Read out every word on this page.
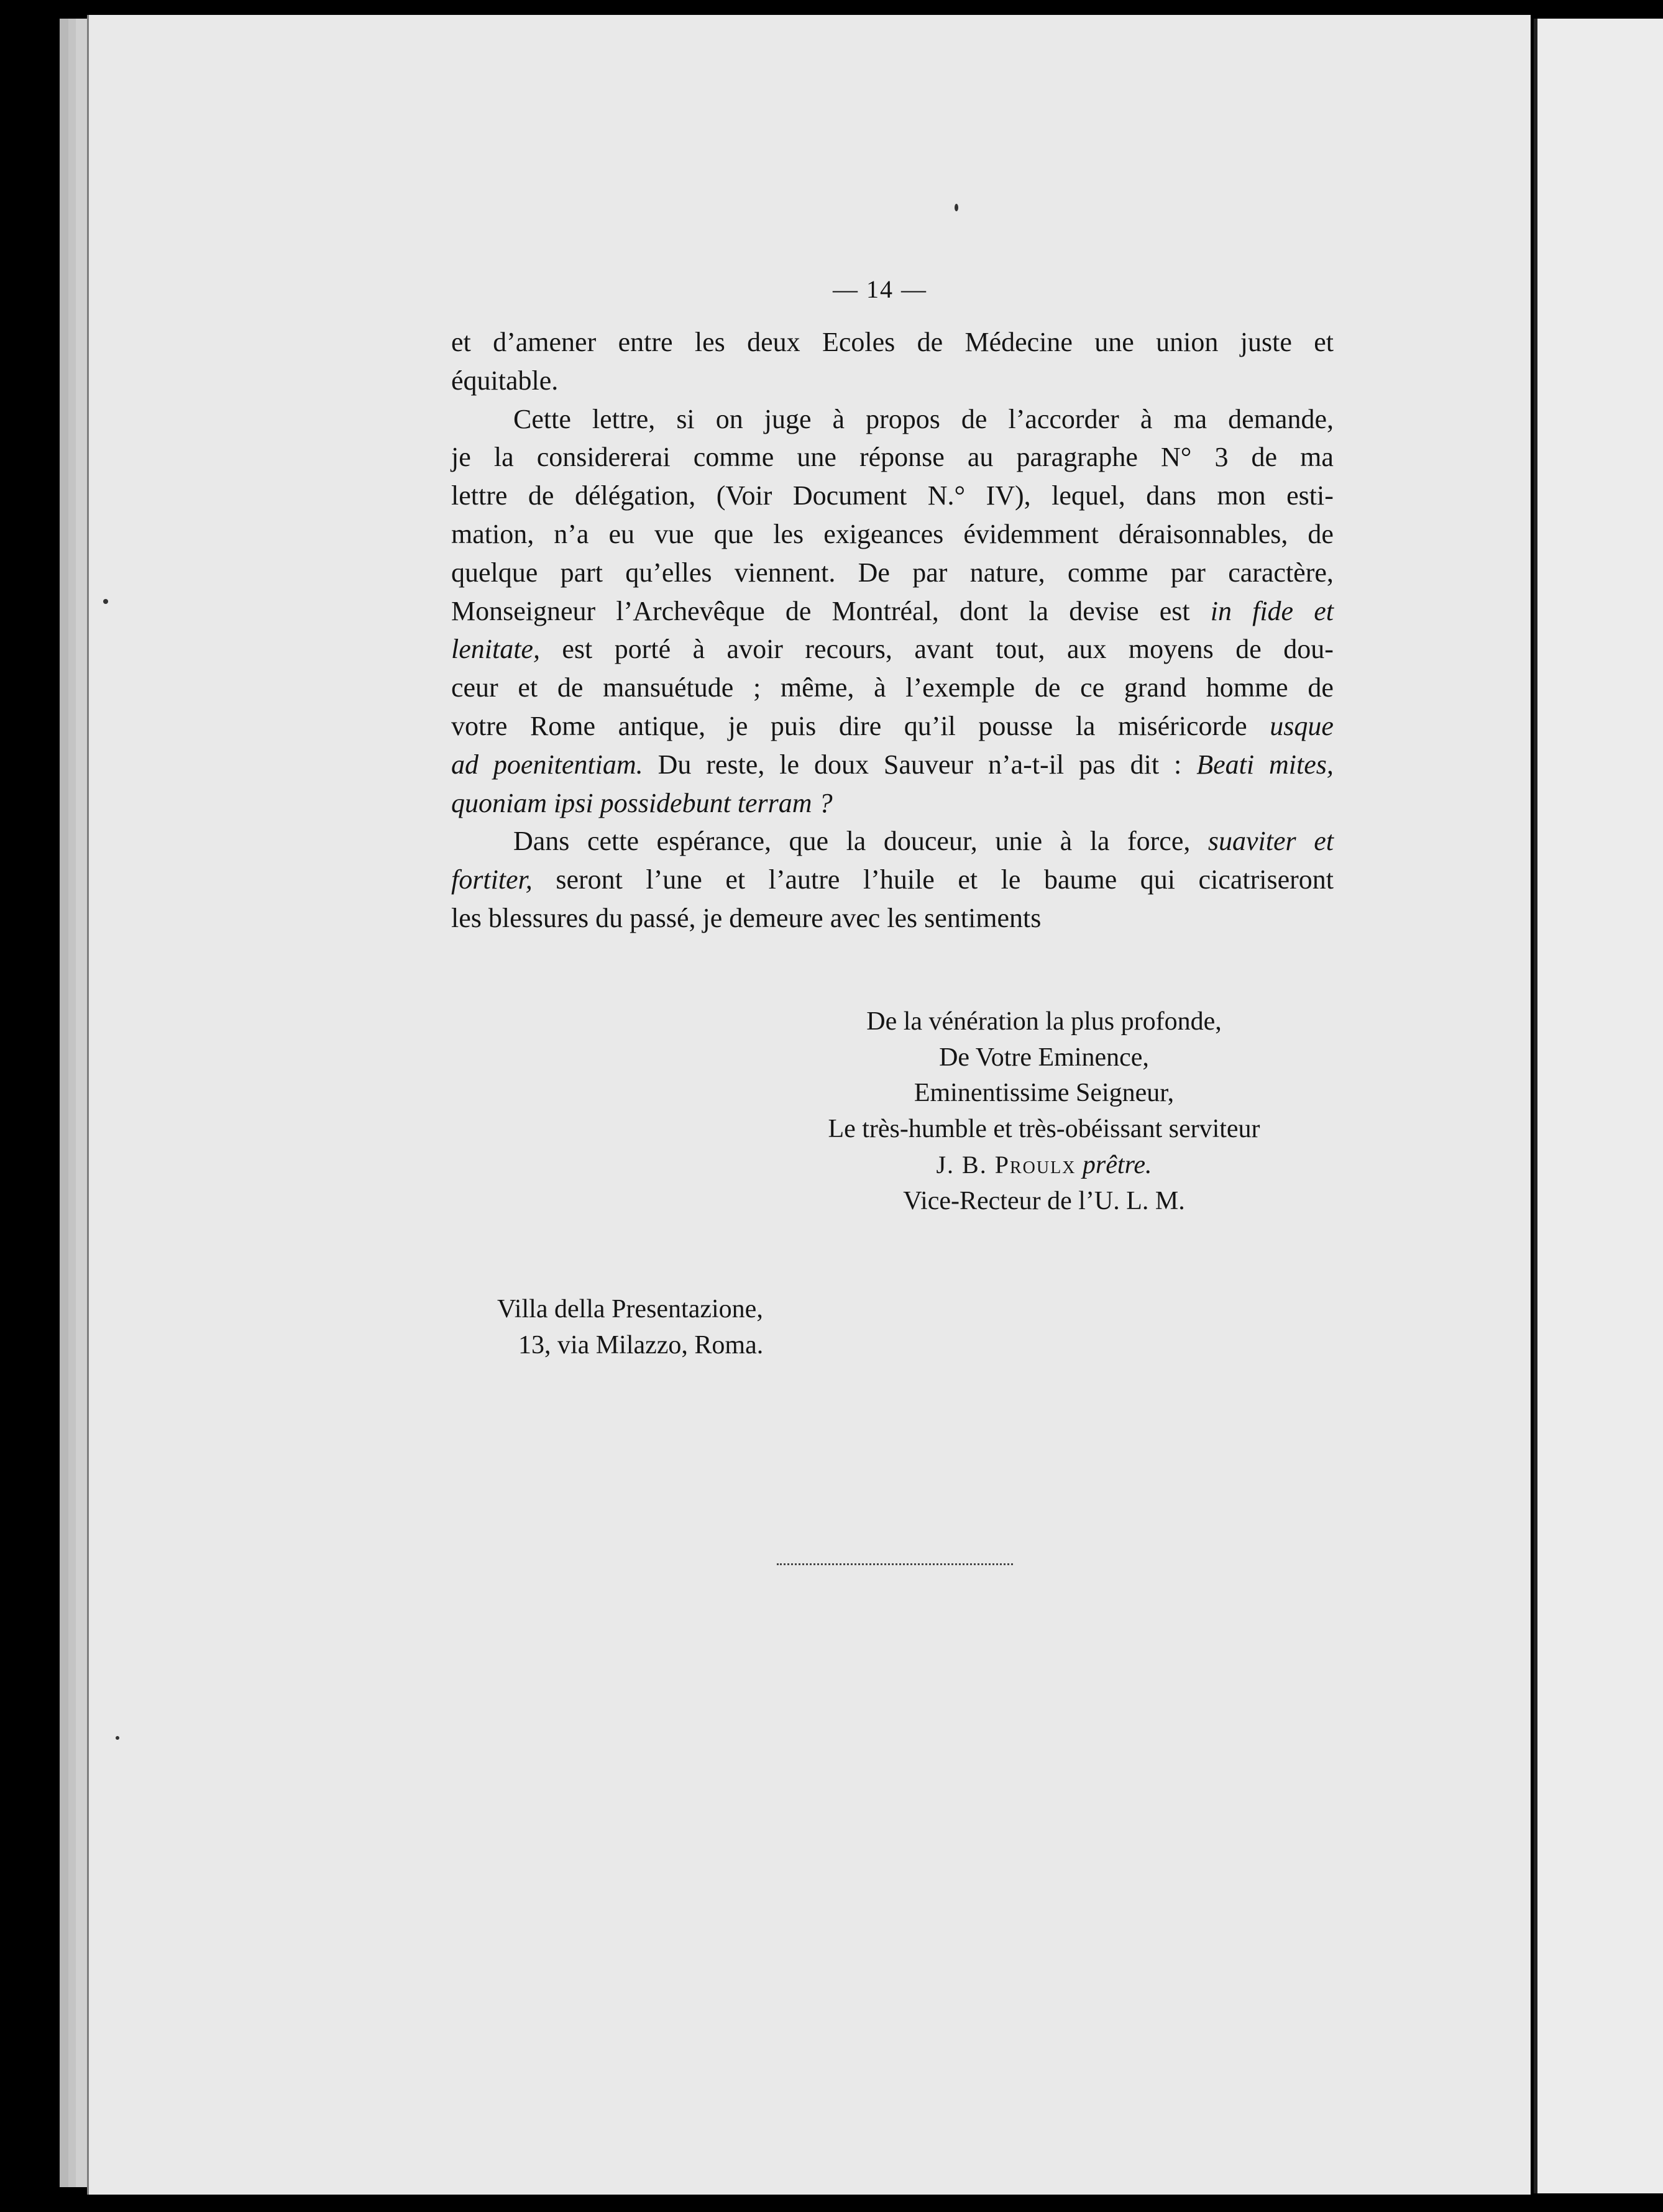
— 14 —
et d’amener entre les deux Ecoles de Médecine une union juste et
équitable.
Cette lettre, si on juge à propos de l’accorder à ma demande,
je la considererai comme une réponse au paragraphe N° 3 de ma
lettre de délégation, (Voir Document N.° IV), lequel, dans mon esti-
mation, n’a eu vue que les exigeances évidemment déraisonnables, de
quelque part qu’elles viennent. De par nature, comme par caractère,
Monseigneur l’Archevêque de Montréal, dont la devise est in fide et
lenitate, est porté à avoir recours, avant tout, aux moyens de dou-
ceur et de mansuétude ; même, à l’exemple de ce grand homme de
votre Rome antique, je puis dire qu’il pousse la miséricorde usque
ad poenitentiam. Du reste, le doux Sauveur n’a-t-il pas dit : Beati mites,
quoniam ipsi possidebunt terram ?
Dans cette espérance, que la douceur, unie à la force, suaviter et
fortiter, seront l’une et l’autre l’huile et le baume qui cicatriseront
les blessures du passé, je demeure avec les sentiments
De la vénération la plus profonde,
De Votre Eminence,
Eminentissime Seigneur,
Le très-humble et très-obéissant serviteur
J. B. Proulx prêtre.
Vice-Recteur de l’U. L. M.
Villa della Presentazione,
13, via Milazzo, Roma.
